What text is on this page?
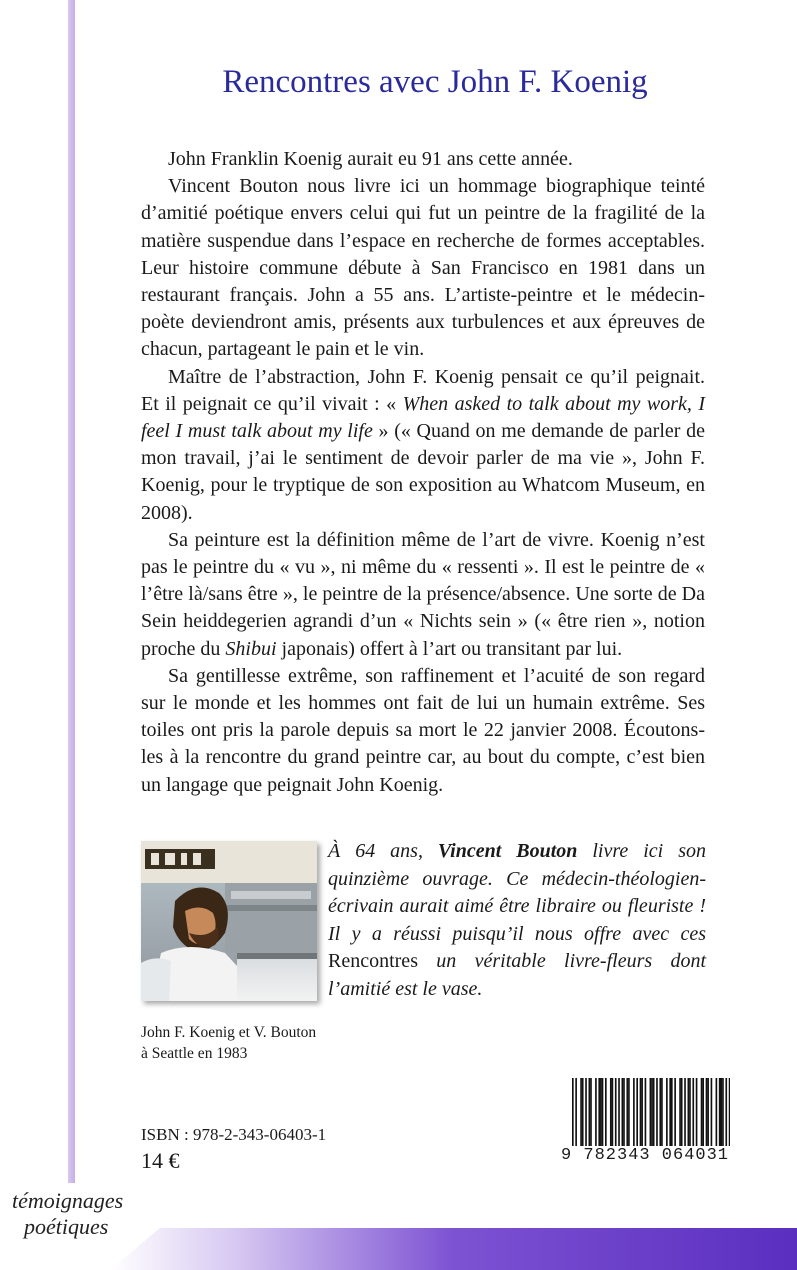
Rencontres avec John F. Koenig

John Franklin Koenig aurait eu 91 ans cette année.

Vincent Bouton nous livre ici un hommage biographique teinté d’amitié poétique envers celui qui fut un peintre de la fragilité de la matière suspendue dans l’espace en recherche de formes acceptables. Leur histoire commune débute à San Francisco en 1981 dans un restaurant français. John a 55 ans. L’artiste-peintre et le médecin-poète deviendront amis, présents aux turbulences et aux épreuves de chacun, partageant le pain et le vin.

Maître de l’abstraction, John F. Koenig pensait ce qu’il peignait. Et il peignait ce qu’il vivait : « When asked to talk about my work, I feel I must talk about my life » (« Quand on me demande de parler de mon travail, j’ai le sentiment de devoir parler de ma vie », John F. Koenig, pour le tryptique de son exposition au Whatcom Museum, en 2008).

Sa peinture est la définition même de l’art de vivre. Koenig n’est pas le peintre du « vu », ni même du « ressenti ». Il est le peintre de « l’être là/sans être », le peintre de la présence/absence. Une sorte de Da Sein heiddegerien agrandi d’un « Nichts sein » (« être rien », notion proche du Shibui japonais) offert à l’art ou transitant par lui.

Sa gentillesse extrême, son raffinement et l’acuité de son regard sur le monde et les hommes ont fait de lui un humain extrême. Ses toiles ont pris la parole depuis sa mort le 22 janvier 2008. Écoutons-les à la rencontre du grand peintre car, au bout du compte, c’est bien un langage que peignait John Koenig.

À 64 ans, Vincent Bouton livre ici son quinzième ouvrage. Ce médecin-théologien-écrivain aurait aimé être libraire ou fleuriste ! Il y a réussi puisqu’il nous offre avec ces Rencontres un véritable livre-fleurs dont l’amitié est le vase.

John F. Koenig et V. Bouton
à Seattle en 1983

ISBN : 978-2-343-06403-1

14 €	9 782343 064031

témoignages
poétiques
